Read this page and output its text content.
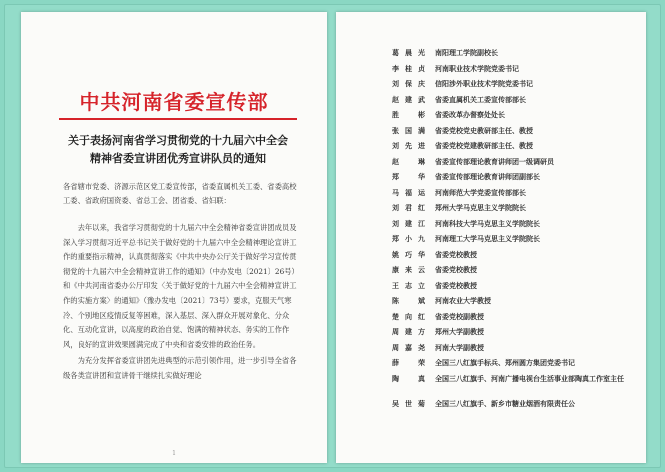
中共河南省委宣传部
关于表扬河南省学习贯彻党的十九届六中全会
精神省委宣讲团优秀宣讲队员的通知
各省辖市党委、济源示范区党工委宣传部，省委直属机关工委、省委高校工委、省政府国资委、省总工会、团省委、省妇联：

去年以来，我省学习贯彻党的十九届六中全会精神省委宣讲团成员及深入学习贯彻习近平总书记关于做好党的十九届六中全会精神理论宣讲工作的重要指示精神，认真贯彻落实《中共中央办公厅关于做好学习宣传贯彻党的十九届六中全会精神宣讲工作的通知》（中办发电〔2021〕26号）和《中共河南省委办公厅印发〈关于做好党的十九届六中全会精神宣讲工作的实施方案〉的通知》（豫办发电〔2021〕73号）要求，克服天气寒冷、个别地区疫情反复等困难，深入基层、深入群众开展对象化、分众化、互动化宣讲，以高度的政治自觉、饱满的精神状态、务实的工作作风，良好的宣讲效果圆满完成了中央和省委安排的政治任务。

为充分发挥省委宣讲团先进典型的示范引领作用，进一步引导全省各级各类宣讲团和宣讲骨干继续扎实做好理论

1
葛晨光 南阳理工学院副校长
李桂贞 河南职业技术学院党委书记
刘保庆 信阳涉外职业技术学院党委书记
赵建武 省委直属机关工委宣传部部长
胜彬 省委改革办督察处处长
张国满 省委党校党史教研部主任、教授
刘先进 省委党校党建教研部主任、教授
赵琳 省委宣传部理论教育讲师团一级调研员
郑华 省委宣传部理论教育讲师团副部长
马福运 河南师范大学党委宣传部部长
刘君红 郑州大学马克思主义学院院长
刘建江 河南科技大学马克思主义学院院长
郑小九 河南理工大学马克思主义学院院长
姚巧华 省委党校教授
康来云 省委党校教授
王志立 省委党校教授
陈斌 河南农业大学教授
楚向红 省委党校副教授
周建方 郑州大学副教授
周嘉尧 河南大学副教授
薛荣 全国三八红旗手标兵、郑州圆方集团党委书记
陶真 全国三八红旗手、河南广播电视台生活事业部陶真工作室主任
吴世菊 全国三八红旗手、新乡市糖业烟酒有限责任公
